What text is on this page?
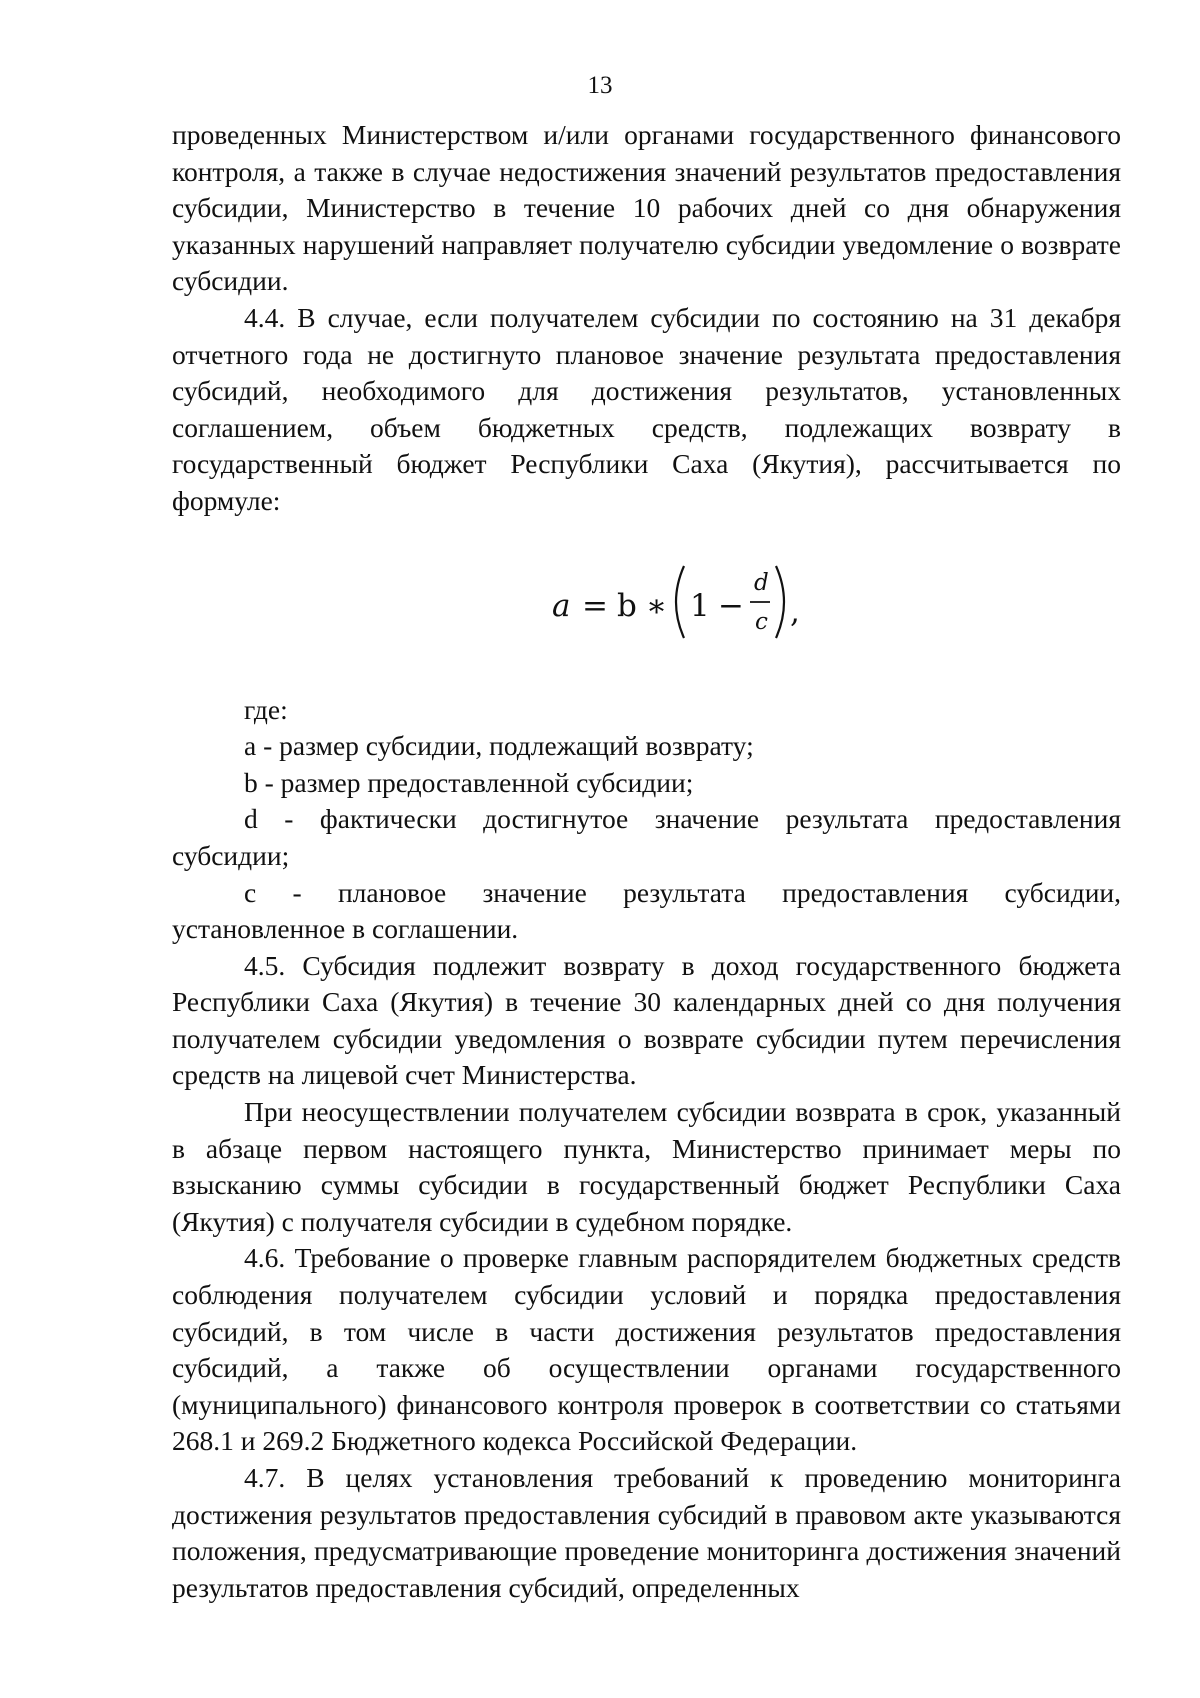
13

проведенных Министерством и/или органами государственного финансового контроля, а также в случае недостижения значений результатов предоставления субсидии, Министерство в течение 10 рабочих дней со дня обнаружения указанных нарушений направляет получателю субсидии уведомление о возврате субсидии.

4.4. В случае, если получателем субсидии по состоянию на 31 декабря отчетного года не достигнуто плановое значение результата предоставления субсидий, необходимого для достижения результатов, установленных соглашением, объем бюджетных средств, подлежащих возврату в государственный бюджет Республики Саха (Якутия), рассчитывается по формуле:

a = b ∗ 1 −
d
c ,

где:

a - размер субсидии, подлежащий возврату;

b - размер предоставленной субсидии;

d - фактически достигнутое значение результата предоставления субсидии;

c - плановое значение результата предоставления субсидии, установленное в соглашении.

4.5. Субсидия подлежит возврату в доход государственного бюджета Республики Саха (Якутия) в течение 30 календарных дней со дня получения получателем субсидии уведомления о возврате субсидии путем перечисления средств на лицевой счет Министерства.

При неосуществлении получателем субсидии возврата в срок, указанный в абзаце первом настоящего пункта, Министерство принимает меры по взысканию суммы субсидии в государственный бюджет Республики Саха (Якутия) с получателя субсидии в судебном порядке.

4.6. Требование о проверке главным распорядителем бюджетных средств соблюдения получателем субсидии условий и порядка предоставления субсидий, в том числе в части достижения результатов предоставления субсидий, а также об осуществлении органами государственного (муниципального) финансового контроля проверок в соответствии со статьями 268.1 и 269.2 Бюджетного кодекса Российской Федерации.

4.7. В целях установления требований к проведению мониторинга достижения результатов предоставления субсидий в правовом акте указываются положения, предусматривающие проведение мониторинга достижения значений результатов предоставления субсидий, определенных
